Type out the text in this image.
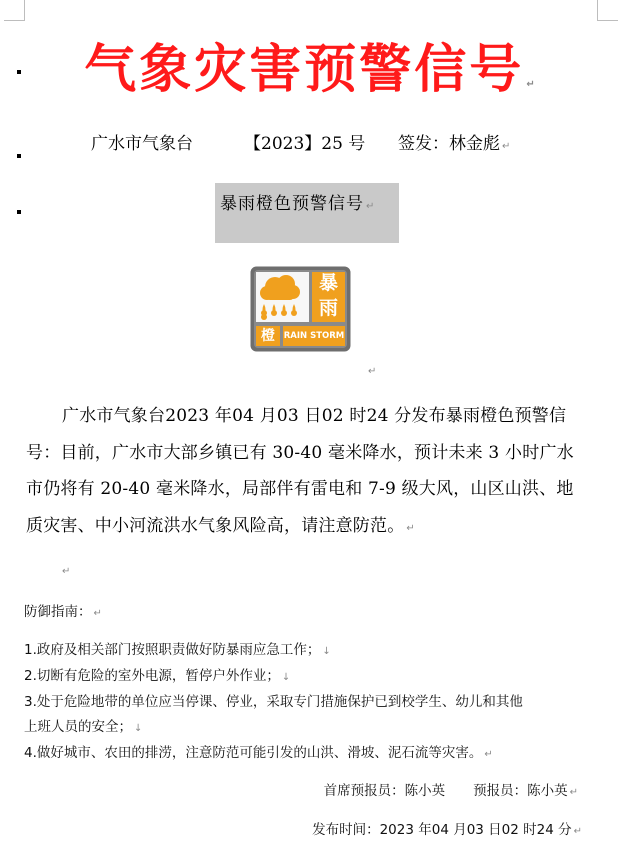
气象灾害预警信号 ↵
广水市气象台	【2023】25 号 签发：林金彪 ↵
暴雨橙色预警信号 ↵
暴
雨
橙	RAIN STORM
↵
广水市气象台2023 年04 月03 日02 时24 分发布暴雨橙色预警信号：目前，广水市大部乡镇已有 30-40 毫米降水，预计未来 3 小时广水市仍将有 20-40 毫米降水，局部伴有雷电和 7-9 级大风，山区山洪、地质灾害、中小河流洪水气象风险高，请注意防范。 ↵
↵
防御指南： ↵
1.政府及相关部门按照职责做好防暴雨应急工作； ↓
2.切断有危险的室外电源，暂停户外作业； ↓
3.处于危险地带的单位应当停课、停业，采取专门措施保护已到校学生、幼儿和其他
上班人员的安全； ↓
4.做好城市、农田的排涝，注意防范可能引发的山洪、滑坡、泥石流等灾害。 ↵
首席预报员：陈小英 预报员：陈小英 ↵
发布时间：2023 年04 月03 日02 时24 分 ↵
